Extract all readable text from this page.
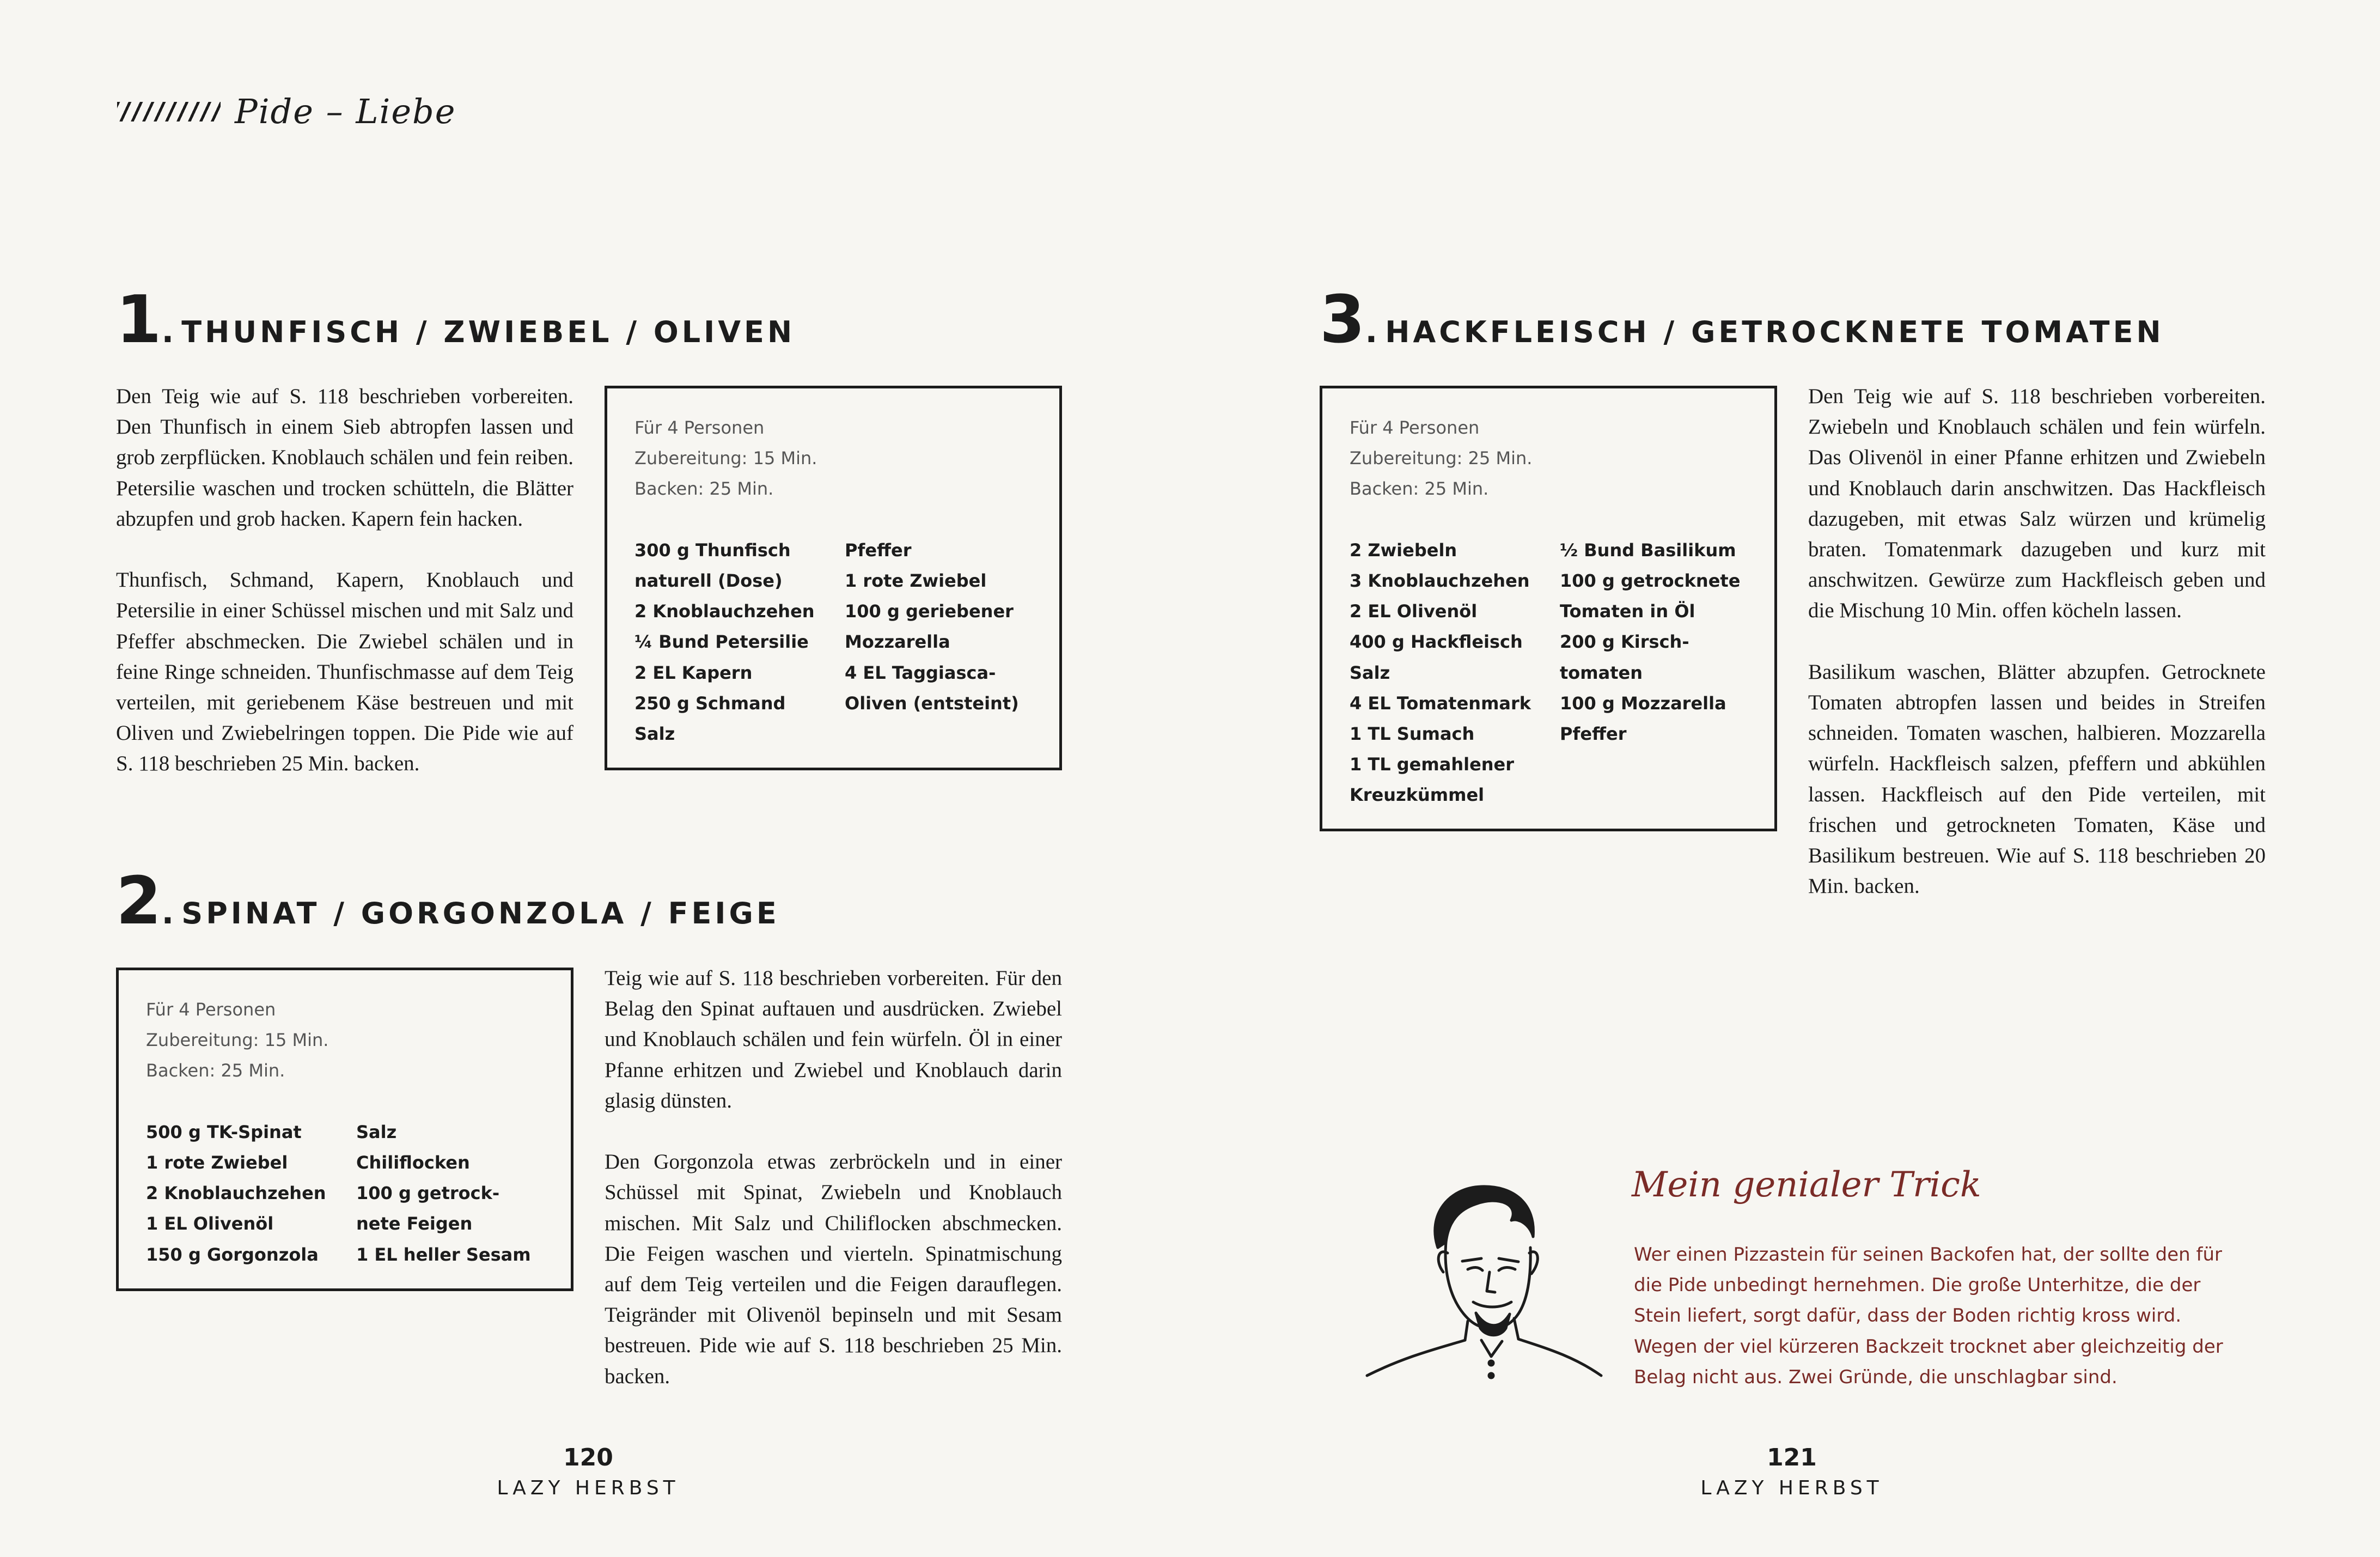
Pide – Liebe
1 . THUNFISCH / ZWIEBEL / OLIVEN
Den Teig wie auf S. 118 beschrieben vorbereiten. Den Thunfisch in einem Sieb abtropfen lassen und grob zerpflücken. Knoblauch schälen und fein reiben. Petersilie waschen und trocken schütteln, die Blätter abzupfen und grob hacken. Kapern fein hacken.
Thunfisch, Schmand, Kapern, Knoblauch und Petersilie in einer Schüssel mischen und mit Salz und Pfeffer abschmecken. Die Zwiebel schälen und in feine Ringe schneiden. Thunfischmasse auf dem Teig verteilen, mit geriebenem Käse bestreuen und mit Oliven und Zwiebelringen toppen. Die Pide wie auf S. 118 beschrieben 25 Min. backen.
Für 4 Personen
Zubereitung: 15 Min.
Backen: 25 Min.
300 g Thunfisch
naturell (Dose)
2 Knoblauchzehen
¼ Bund Petersilie
2 EL Kapern
250 g Schmand
Salz
Pfeffer
1 rote Zwiebel
100 g geriebener
Mozzarella
4 EL Taggiasca-
Oliven (entsteint)
2 . SPINAT / GORGONZOLA / FEIGE
Für 4 Personen
Zubereitung: 15 Min.
Backen: 25 Min.
500 g TK-Spinat
1 rote Zwiebel
2 Knoblauchzehen
1 EL Olivenöl
150 g Gorgonzola
Salz
Chiliflocken
100 g getrock-
nete Feigen
1 EL heller Sesam
Teig wie auf S. 118 beschrieben vorbereiten. Für den Belag den Spinat auftauen und ausdrücken. Zwiebel und Knoblauch schälen und fein würfeln. Öl in einer Pfanne erhitzen und Zwiebel und Knoblauch darin glasig dünsten.
Den Gorgonzola etwas zerbröckeln und in einer Schüssel mit Spinat, Zwiebeln und Knoblauch mischen. Mit Salz und Chiliflocken abschmecken. Die Feigen waschen und vierteln. Spinatmischung auf dem Teig verteilen und die Feigen darauflegen. Teigränder mit Olivenöl bepinseln und mit Sesam bestreuen. Pide wie auf S. 118 beschrieben 25 Min. backen.
3 . HACKFLEISCH / GETROCKNETE TOMATEN
Für 4 Personen
Zubereitung: 25 Min.
Backen: 25 Min.
2 Zwiebeln
3 Knoblauchzehen
2 EL Olivenöl
400 g Hackfleisch
Salz
4 EL Tomatenmark
1 TL Sumach
1 TL gemahlener
Kreuzkümmel
½ Bund Basilikum
100 g getrocknete
Tomaten in Öl
200 g Kirsch-
tomaten
100 g Mozzarella
Pfeffer
Den Teig wie auf S. 118 beschrieben vorbereiten. Zwiebeln und Knoblauch schälen und fein würfeln. Das Olivenöl in einer Pfanne erhitzen und Zwiebeln und Knoblauch darin anschwitzen. Das Hackfleisch dazugeben, mit etwas Salz würzen und krümelig braten. Tomatenmark dazugeben und kurz mit anschwitzen. Gewürze zum Hackfleisch geben und die Mischung 10 Min. offen köcheln lassen.
Basilikum waschen, Blätter abzupfen. Getrocknete Tomaten abtropfen lassen und beides in Streifen schneiden. Tomaten waschen, halbieren. Mozzarella würfeln. Hackfleisch salzen, pfeffern und abkühlen lassen. Hackfleisch auf den Pide verteilen, mit frischen und getrockneten Tomaten, Käse und Basilikum bestreuen. Wie auf S. 118 beschrieben 20 Min. backen.
Mein genialer Trick
Wer einen Pizzastein für seinen Backofen hat, der sollte den für die Pide unbedingt hernehmen. Die große Unterhitze, die der Stein liefert, sorgt dafür, dass der Boden richtig kross wird. Wegen der viel kürzeren Backzeit trocknet aber gleichzeitig der Belag nicht aus. Zwei Gründe, die unschlagbar sind.
120
LAZY HERBST
121
LAZY HERBST
